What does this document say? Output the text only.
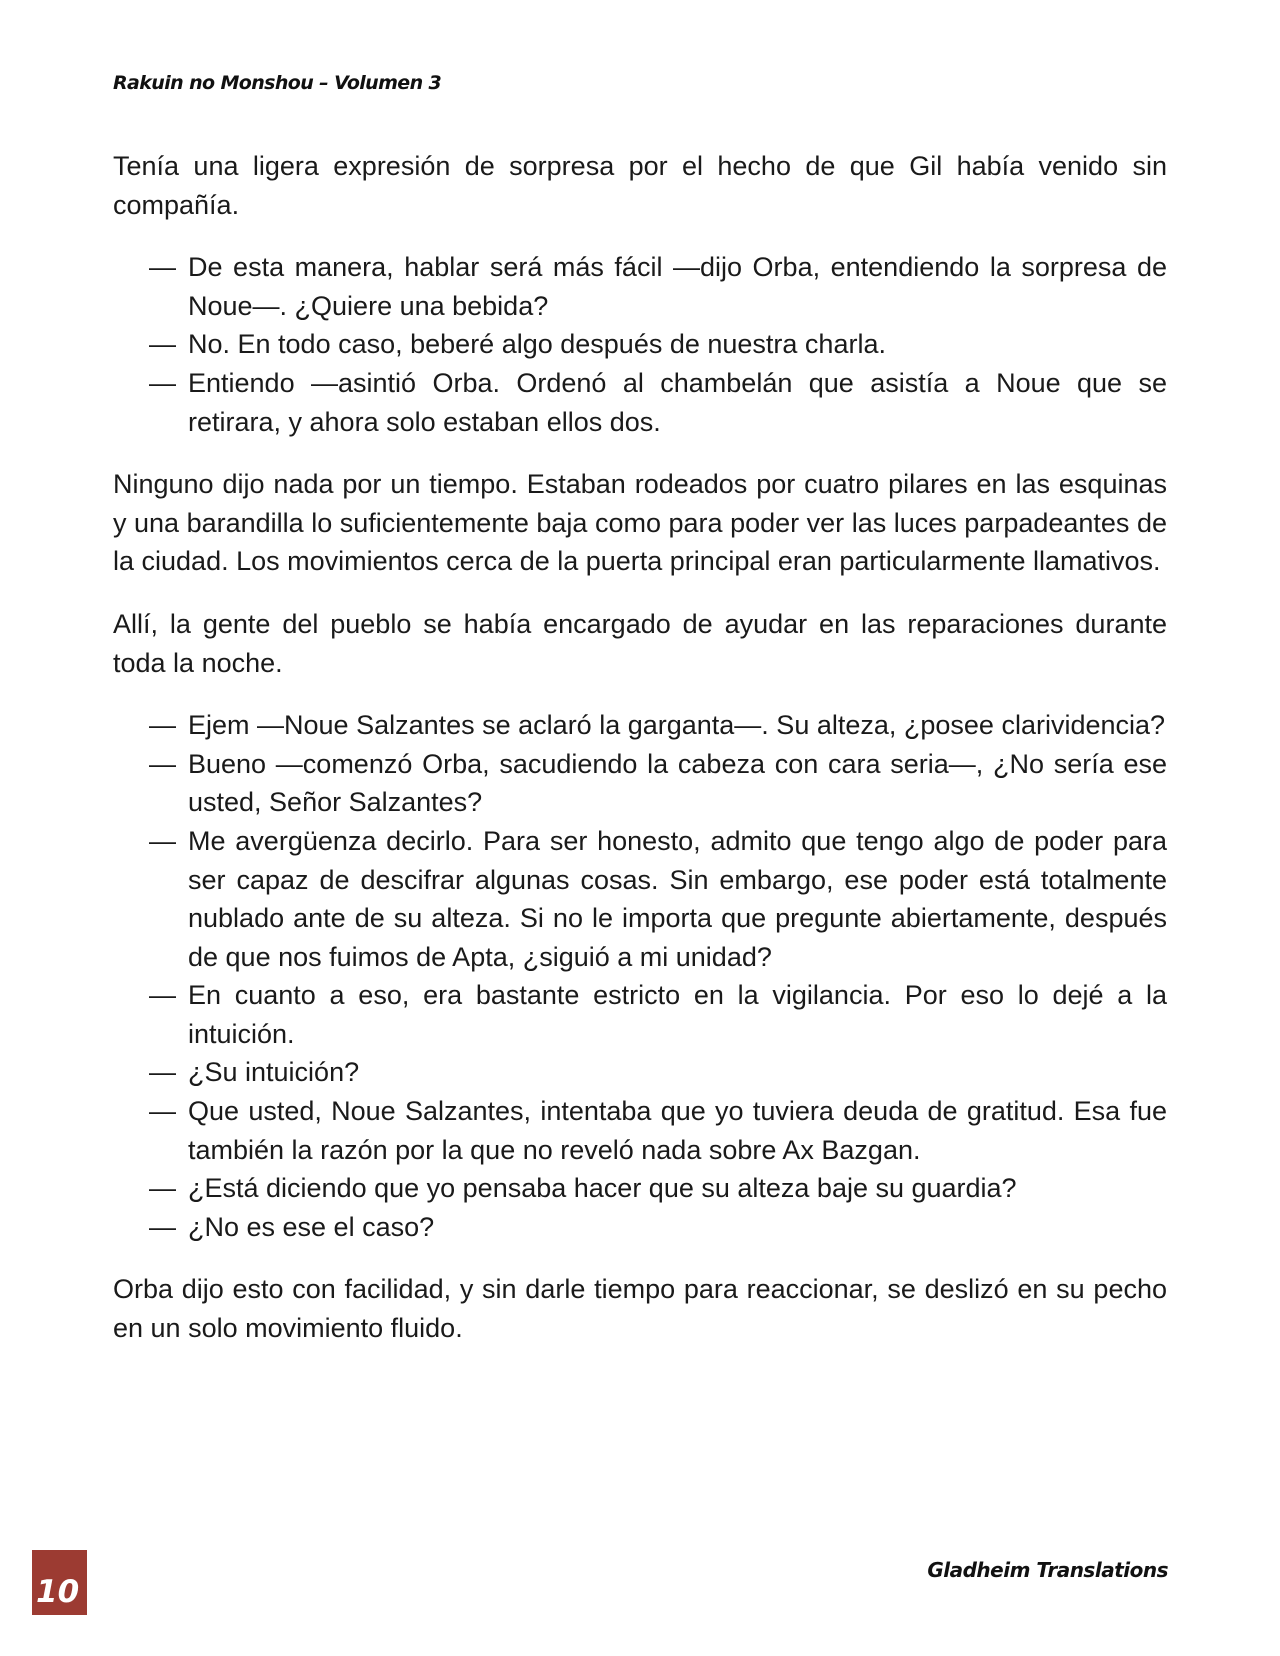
Rakuin no Monshou – Volumen 3

Tenía una ligera expresión de sorpresa por el hecho de que Gil había venido sin compañía.

— De esta manera, hablar será más fácil —dijo Orba, entendiendo la sorpresa de Noue—. ¿Quiere una bebida?
— No. En todo caso, beberé algo después de nuestra charla.
— Entiendo —asintió Orba. Ordenó al chambelán que asistía a Noue que se retirara, y ahora solo estaban ellos dos.

Ninguno dijo nada por un tiempo. Estaban rodeados por cuatro pilares en las esquinas y una barandilla lo suficientemente baja como para poder ver las luces parpadeantes de la ciudad. Los movimientos cerca de la puerta principal eran particularmente llamativos.

Allí, la gente del pueblo se había encargado de ayudar en las reparaciones durante toda la noche.

— Ejem —Noue Salzantes se aclaró la garganta—. Su alteza, ¿posee clarividencia?
— Bueno —comenzó Orba, sacudiendo la cabeza con cara seria—, ¿No sería ese usted, Señor Salzantes?
— Me avergüenza decirlo. Para ser honesto, admito que tengo algo de poder para ser capaz de descifrar algunas cosas. Sin embargo, ese poder está totalmente nublado ante de su alteza. Si no le importa que pregunte abiertamente, después de que nos fuimos de Apta, ¿siguió a mi unidad?
— En cuanto a eso, era bastante estricto en la vigilancia. Por eso lo dejé a la intuición.
— ¿Su intuición?
— Que usted, Noue Salzantes, intentaba que yo tuviera deuda de gratitud. Esa fue también la razón por la que no reveló nada sobre Ax Bazgan.
— ¿Está diciendo que yo pensaba hacer que su alteza baje su guardia?
— ¿No es ese el caso?

Orba dijo esto con facilidad, y sin darle tiempo para reaccionar, se deslizó en su pecho en un solo movimiento fluido.

10
Gladheim Translations
